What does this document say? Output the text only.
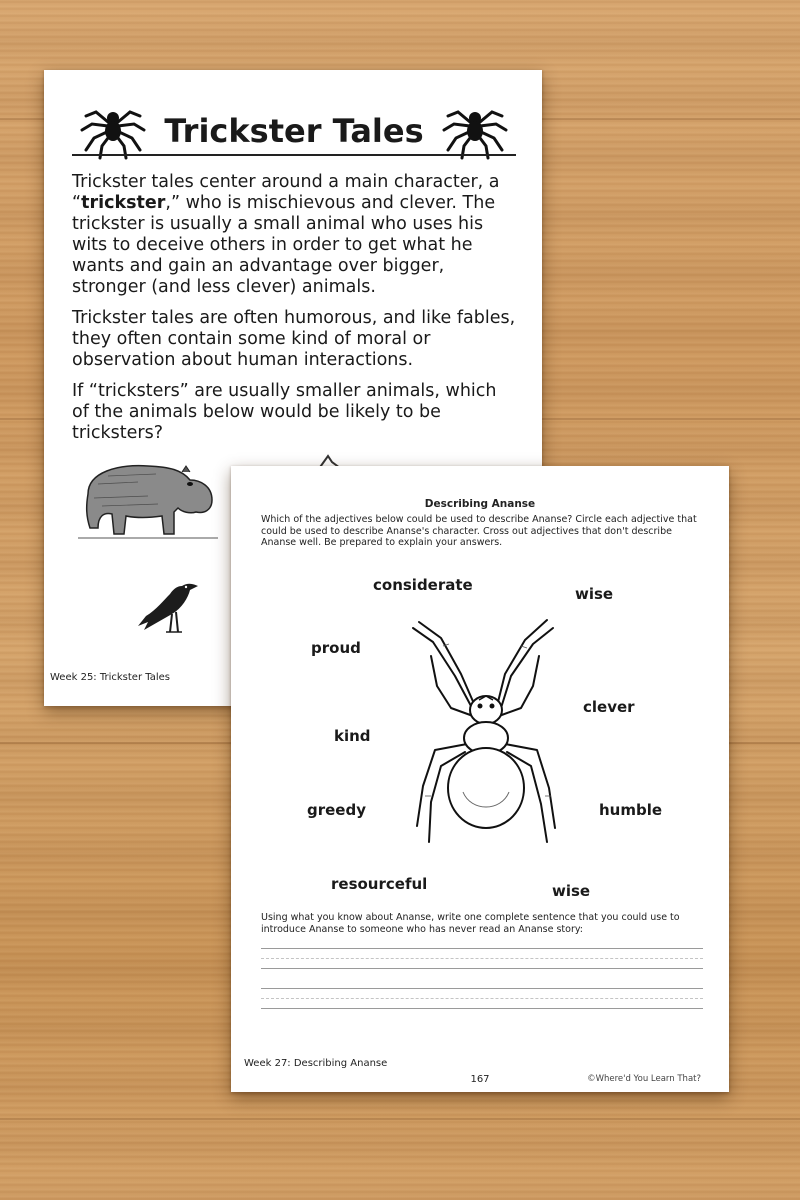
Trickster Tales

Trickster tales center around a main character, a “trickster,” who is mischievous and clever. The trickster is usually a small animal who uses his wits to deceive others in order to get what he wants and gain an advantage over bigger, stronger (and less clever) animals.

Trickster tales are often humorous, and like fables, they often contain some kind of moral or observation about human interactions.

If “tricksters” are usually smaller animals, which of the animals below would be likely to be tricksters?

Week 25: Trickster Tales
Describing Ananse
Which of the adjectives below could be used to describe Ananse? Circle each adjective that could be used to describe Ananse's character. Cross out adjectives that don't describe Ananse well. Be prepared to explain your answers.
considerate	wise
proud
clever
kind
greedy	humble
resourceful	wise
Using what you know about Ananse, write one complete sentence that you could use to introduce Ananse to someone who has never read an Ananse story:
Week 27: Describing Ananse
167	©Where'd You Learn That?
